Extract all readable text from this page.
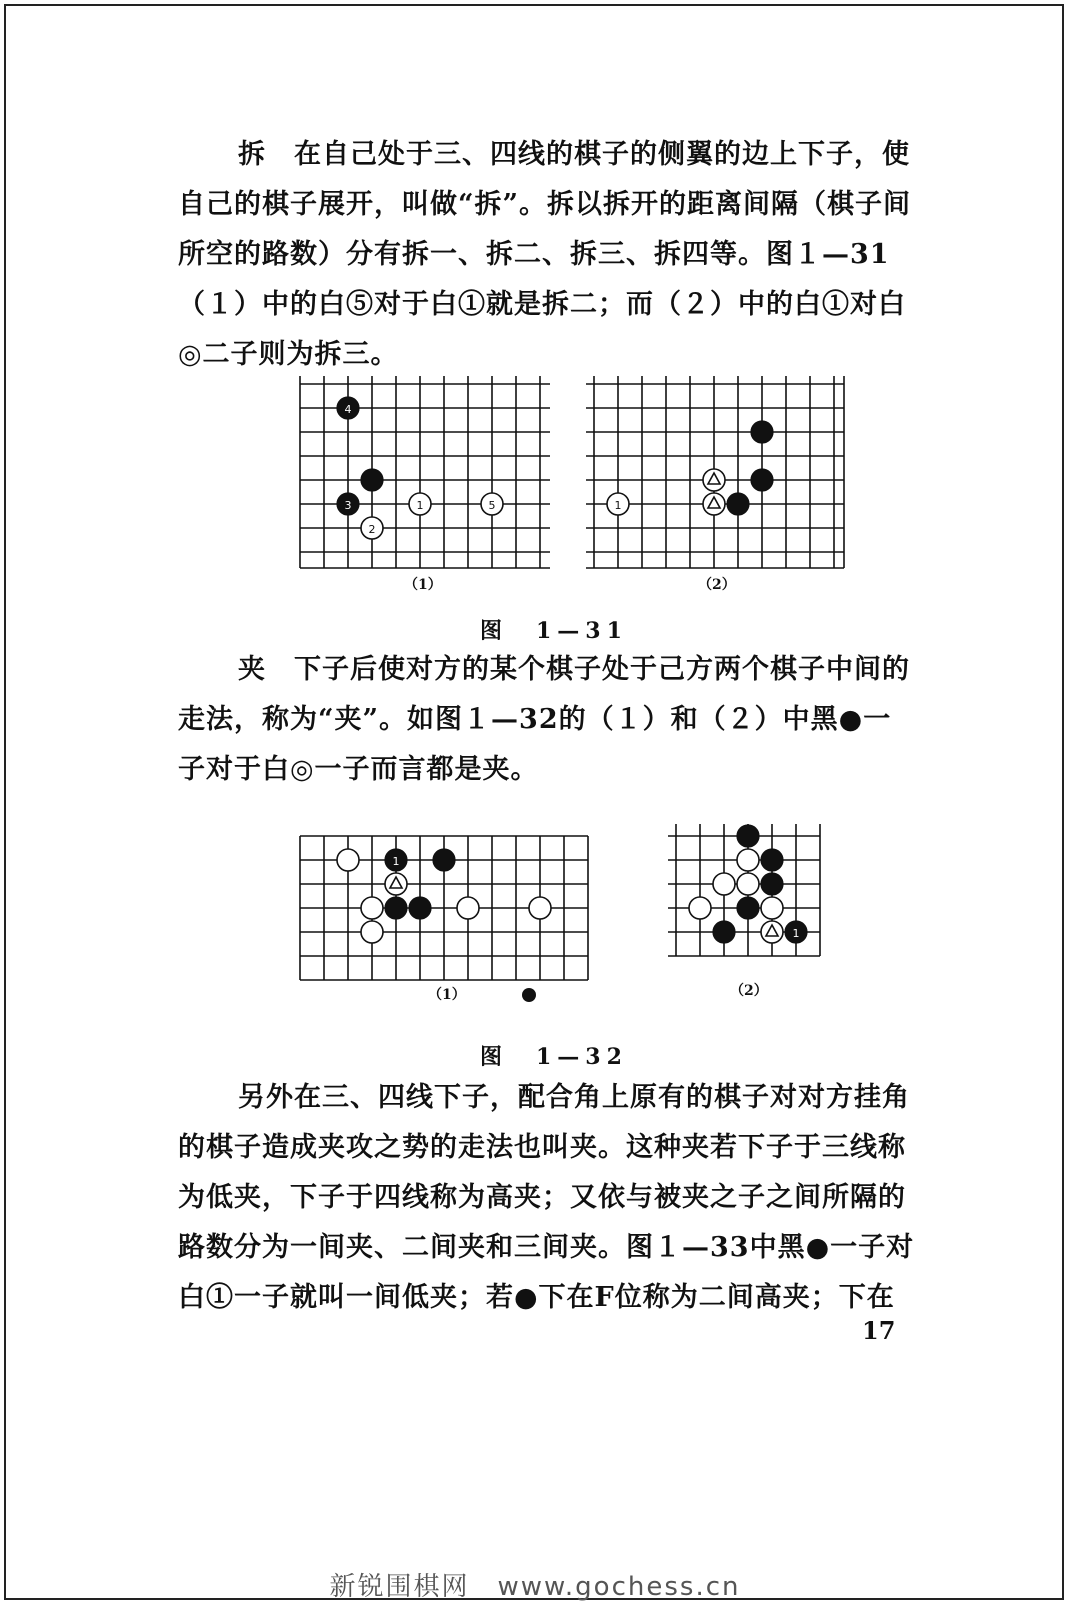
拆 在自己处于三、四线的棋子的侧翼的边上下子，使自己的棋子展开，叫做“拆”。拆以拆开的距离间隔（棋子间所空的路数）分有拆一、拆二、拆三、拆四等。图１—31（１）中的白⑤对于白①就是拆二；而（２）中的白①对白◎二子则为拆三。

4
3
2
1	5
（1）
1
（2）
图　1—31

夹 下子后使对方的某个棋子处于己方两个棋子中间的走法，称为“夹”。如图１—32的（１）和（２）中黑●一子对于白◎一子而言都是夹。

1
（1）
1
（2）
图　1—32

另外在三、四线下子，配合角上原有的棋子对对方挂角的棋子造成夹攻之势的走法也叫夹。这种夹若下子于三线称为低夹，下子于四线称为高夹；又依与被夹之子之间所隔的路数分为一间夹、二间夹和三间夹。图１—33中黑●一子对白①一子就叫一间低夹；若●下在F位称为二间高夹；下在

17
新锐围棋网　www.gochess.cn
